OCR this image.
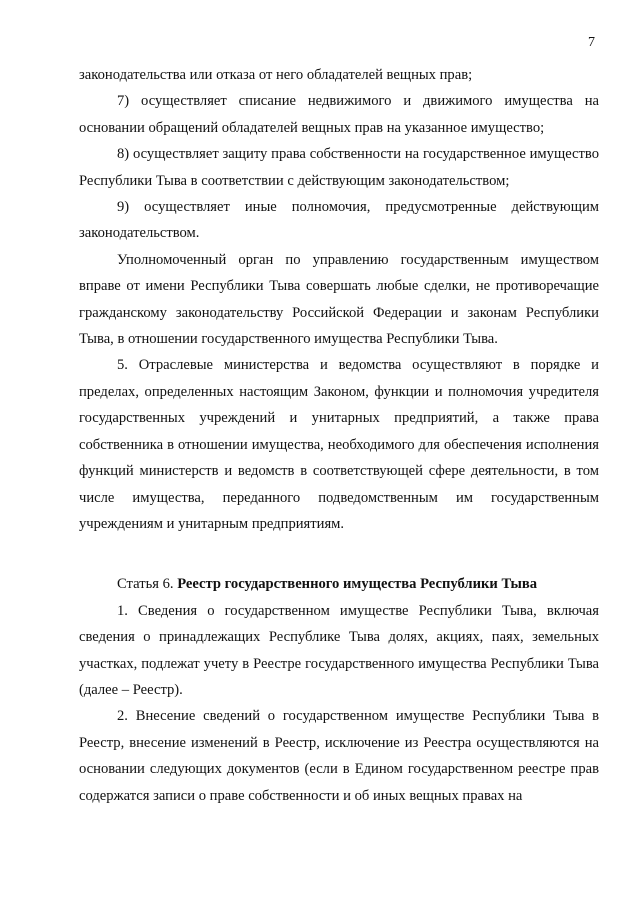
7

законодательства или отказа от него обладателей вещных прав;

7) осуществляет списание недвижимого и движимого имущества на основании обращений обладателей вещных прав на указанное имущество;

8) осуществляет защиту права собственности на государственное имущество Республики Тыва в соответствии с действующим законодательством;

9) осуществляет иные полномочия, предусмотренные действующим законодательством.

Уполномоченный орган по управлению государственным имуществом вправе от имени Республики Тыва совершать любые сделки, не противоречащие гражданскому законодательству Российской Федерации и законам Республики Тыва, в отношении государственного имущества Республики Тыва.

5. Отраслевые министерства и ведомства осуществляют в порядке и пределах, определенных настоящим Законом, функции и полномочия учредителя государственных учреждений и унитарных предприятий, а также права собственника в отношении имущества, необходимого для обеспечения исполнения функций министерств и ведомств в соответствующей сфере деятельности, в том числе имущества, переданного подведомственным им государственным учреждениям и унитарным предприятиям.

Статья 6. Реестр государственного имущества Республики Тыва

1. Сведения о государственном имуществе Республики Тыва, включая сведения о принадлежащих Республике Тыва долях, акциях, паях, земельных участках, подлежат учету в Реестре государственного имущества Республики Тыва (далее – Реестр).

2. Внесение сведений о государственном имуществе Республики Тыва в Реестр, внесение изменений в Реестр, исключение из Реестра осуществляются на основании следующих документов (если в Едином государственном реестре прав содержатся записи о праве собственности и об иных вещных правах на
